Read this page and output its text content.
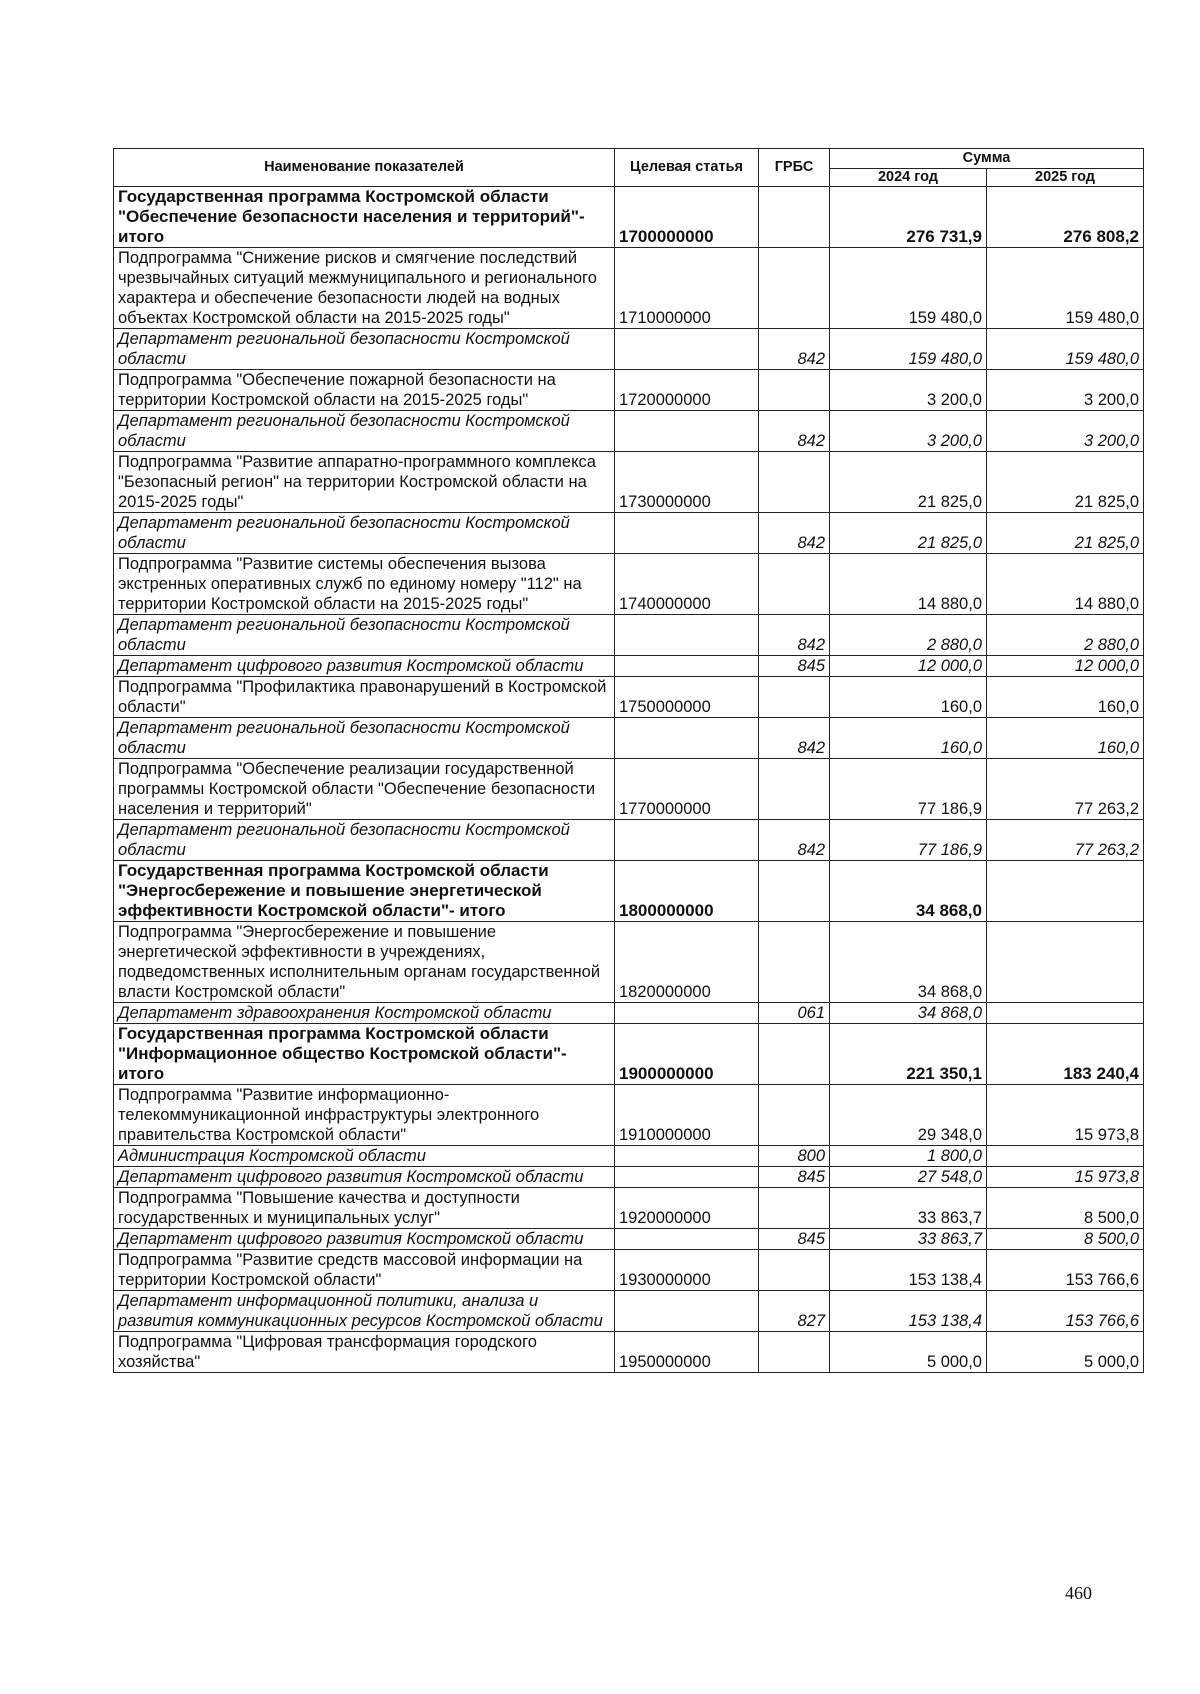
Наименование показателей	Целевая статья	ГРБС	Сумма	
			2024 год	2025 год
Государственная программа Костромской области "Обеспечение безопасности населения и территорий"- итого	1700000000		276 731,9	276 808,2
Подпрограмма "Снижение рисков и смягчение последствий чрезвычайных ситуаций межмуниципального и регионального характера и обеспечение безопасности людей на водных объектах Костромской области на 2015-2025 годы"	1710000000		159 480,0	159 480,0
Департамент региональной безопасности Костромской области		842	159 480,0	159 480,0
Подпрограмма "Обеспечение пожарной безопасности на территории Костромской области на 2015-2025 годы"	1720000000		3 200,0	3 200,0
Департамент региональной безопасности Костромской области		842	3 200,0	3 200,0
Подпрограмма "Развитие аппаратно-программного комплекса "Безопасный регион" на территории Костромской области на 2015-2025 годы"	1730000000		21 825,0	21 825,0
Департамент региональной безопасности Костромской области		842	21 825,0	21 825,0
Подпрограмма "Развитие системы обеспечения вызова экстренных оперативных служб по единому номеру "112" на территории Костромской области на 2015-2025 годы"	1740000000		14 880,0	14 880,0
Департамент региональной безопасности Костромской области		842	2 880,0	2 880,0
Департамент цифрового развития Костромской области		845	12 000,0	12 000,0
Подпрограмма "Профилактика правонарушений в Костромской области"	1750000000		160,0	160,0
Департамент региональной безопасности Костромской области		842	160,0	160,0
Подпрограмма "Обеспечение реализации государственной программы Костромской области "Обеспечение безопасности населения и территорий"	1770000000		77 186,9	77 263,2
Департамент региональной безопасности Костромской области		842	77 186,9	77 263,2
Государственная программа Костромской области "Энергосбережение и повышение энергетической эффективности Костромской области"- итого	1800000000		34 868,0	
Подпрограмма "Энергосбережение и повышение энергетической эффективности в учреждениях, подведомственных исполнительным органам государственной власти Костромской области"	1820000000		34 868,0	
Департамент здравоохранения Костромской области		061	34 868,0	
Государственная программа Костромской области "Информационное общество Костромской области"- итого	1900000000		221 350,1	183 240,4
Подпрограмма "Развитие информационно-телекоммуникационной инфраструктуры электронного правительства Костромской области"	1910000000		29 348,0	15 973,8
Администрация Костромской области		800	1 800,0	
Департамент цифрового развития Костромской области		845	27 548,0	15 973,8
Подпрограмма "Повышение качества и доступности государственных и муниципальных услуг"	1920000000		33 863,7	8 500,0
Департамент цифрового развития Костромской области		845	33 863,7	8 500,0
Подпрограмма "Развитие средств массовой информации на территории Костромской области"	1930000000		153 138,4	153 766,6
Департамент информационной политики, анализа и развития коммуникационных ресурсов Костромской области		827	153 138,4	153 766,6
Подпрограмма "Цифровая трансформация городского хозяйства"	1950000000		5 000,0	5 000,0
460
